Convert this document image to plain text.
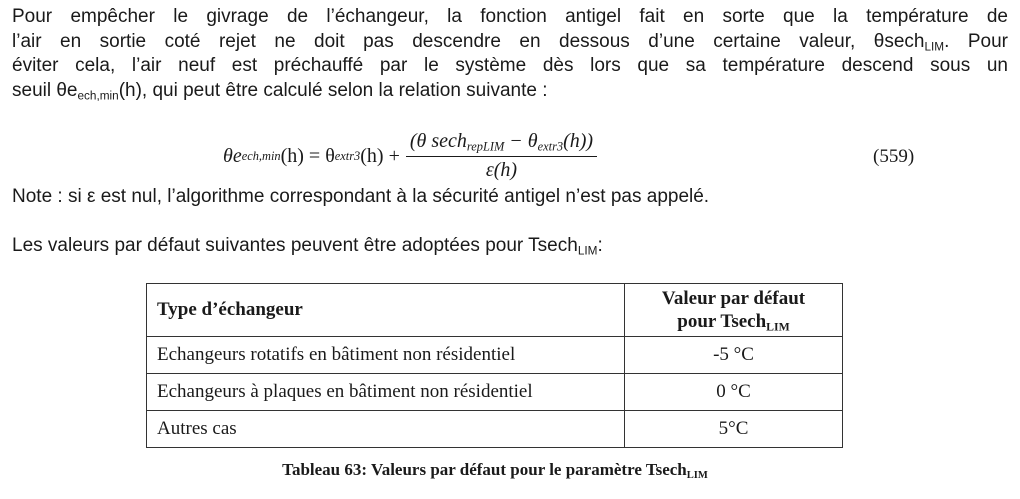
Pour empêcher le givrage de l’échangeur, la fonction antigel fait en sorte que la température de
l’air en sortie coté rejet ne doit pas descendre en dessous d’une certaine valeur, θsech$_{LIM}$. Pour
éviter cela, l’air neuf est préchauffé par le système dès lors que sa température descend sous un
seuil $\theta e_{ech,min}(h)$, qui peut être calculé selon la relation suivante :
θe ech,min (h) = θ extr3 $(h) + \frac{(\theta \sec h_{repLIM} - \theta_{extr3}(h))}{\varepsilon(h)}$	(559)

Note : si ε est nul, l’algorithme correspondant à la sécurité antigel n’est pas appelé.

Les valeurs par défaut suivantes peuvent être adoptées pour Tsech$_{LIM}$:

Type d’échangeur	Valeur par défaut
pour Tsech$_{LIM}$
Echangeurs rotatifs en bâtiment non résidentiel	-5 °C
Echangeurs à plaques en bâtiment non résidentiel	0 °C
Autres cas	5°C
Tableau 63: Valeurs par défaut pour le paramètre Tsech$_{LIM}$
